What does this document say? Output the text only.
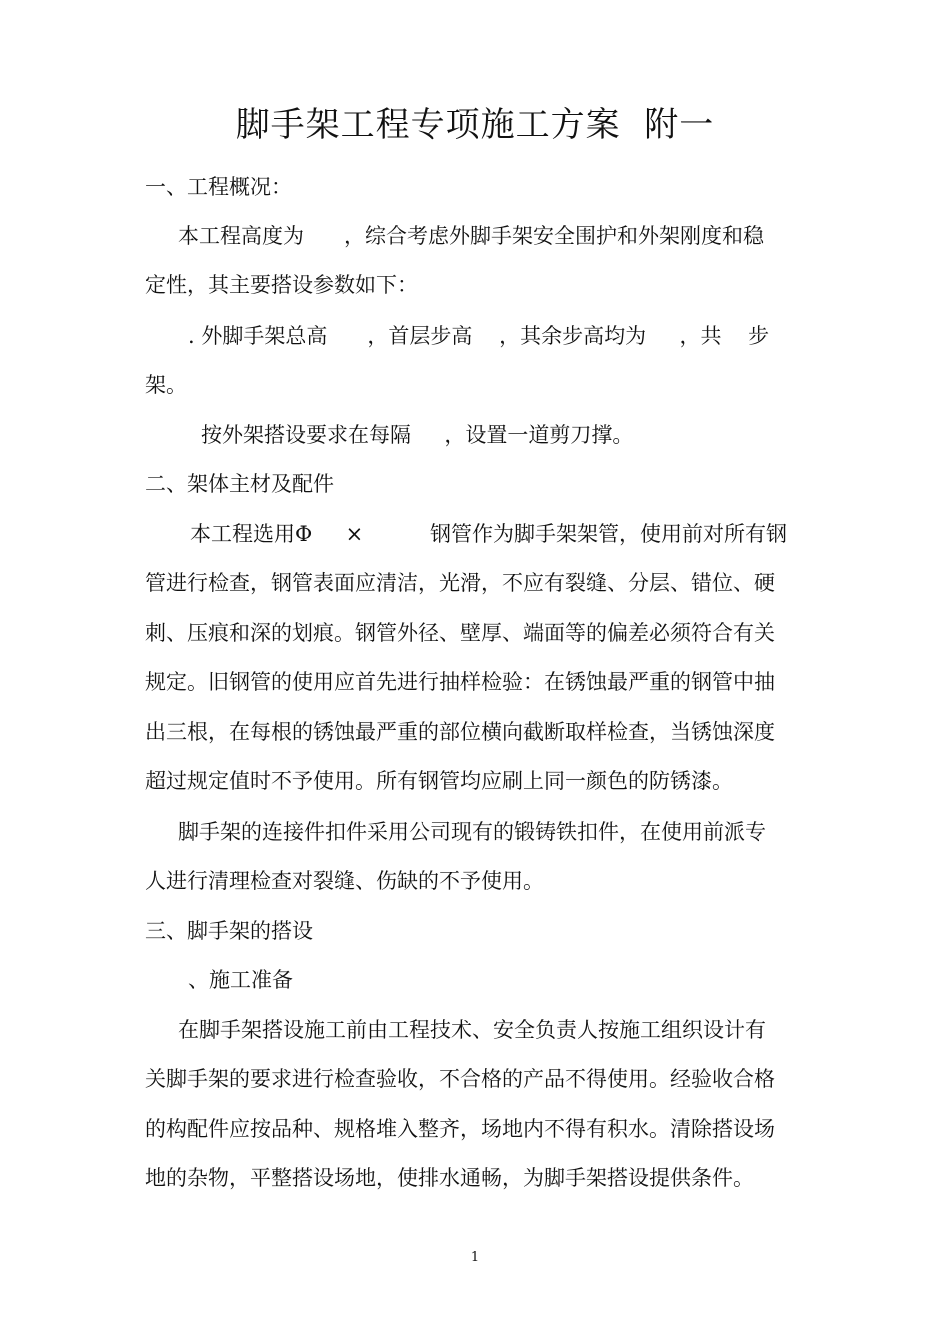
脚手架工程专项施工方案  附一
一、工程概况：
本工程高度为      ，综合考虑外脚手架安全围护和外架刚度和稳
定性，其主要搭设参数如下：
. 外脚手架总高      ，首层步高    ，其余步高均为     ，共    步
架。
按外架搭设要求在每隔     ，设置一道剪刀撑。
二、架体主材及配件
本工程选用Φ     ×          钢管作为脚手架架管，使用前对所有钢
管进行检查，钢管表面应清洁，光滑，不应有裂缝、分层、错位、硬
刺、压痕和深的划痕。钢管外径、壁厚、端面等的偏差必须符合有关
规定。旧钢管的使用应首先进行抽样检验：在锈蚀最严重的钢管中抽
出三根，在每根的锈蚀最严重的部位横向截断取样检查，当锈蚀深度
超过规定值时不予使用。所有钢管均应刷上同一颜色的防锈漆。
脚手架的连接件扣件采用公司现有的锻铸铁扣件，在使用前派专
人进行清理检查对裂缝、伤缺的不予使用。
三、脚手架的搭设
、施工准备
在脚手架搭设施工前由工程技术、安全负责人按施工组织设计有
关脚手架的要求进行检查验收，不合格的产品不得使用。经验收合格
的构配件应按品种、规格堆入整齐，场地内不得有积水。清除搭设场
地的杂物，平整搭设场地，使排水通畅，为脚手架搭设提供条件。
1
